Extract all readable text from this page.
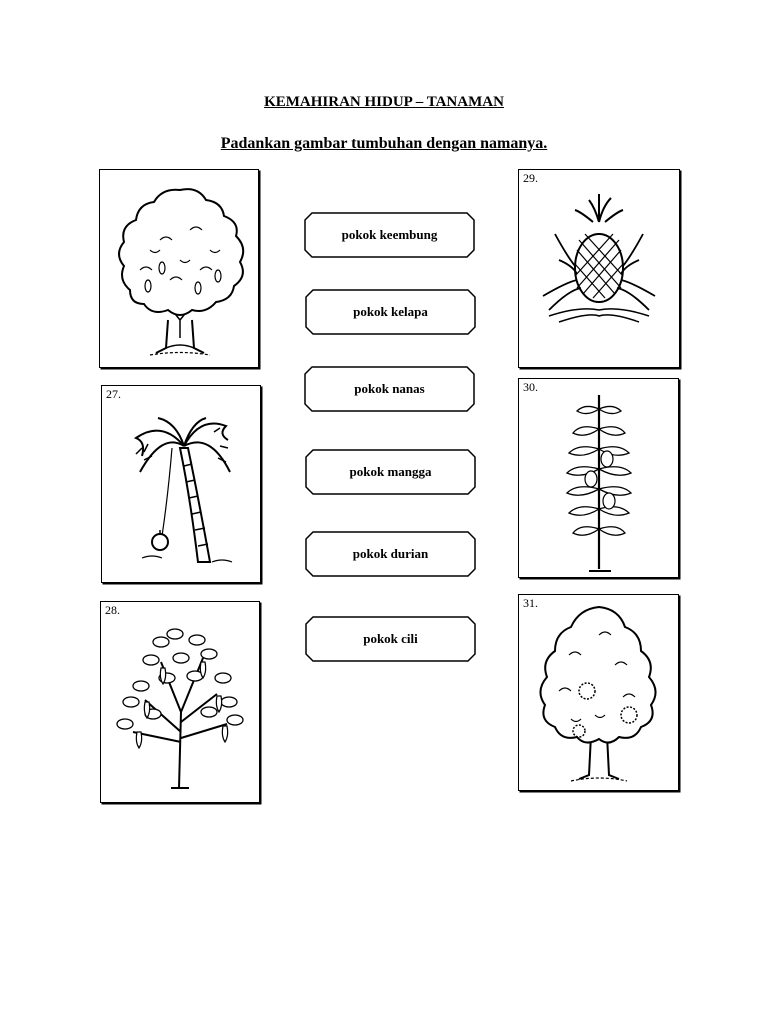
KEMAHIRAN HIDUP – TANAMAN
Padankan gambar tumbuhan dengan namanya.
27.
28.
29.
30.
31.
pokok keembung
pokok kelapa
pokok nanas
pokok mangga
pokok durian
pokok cili
